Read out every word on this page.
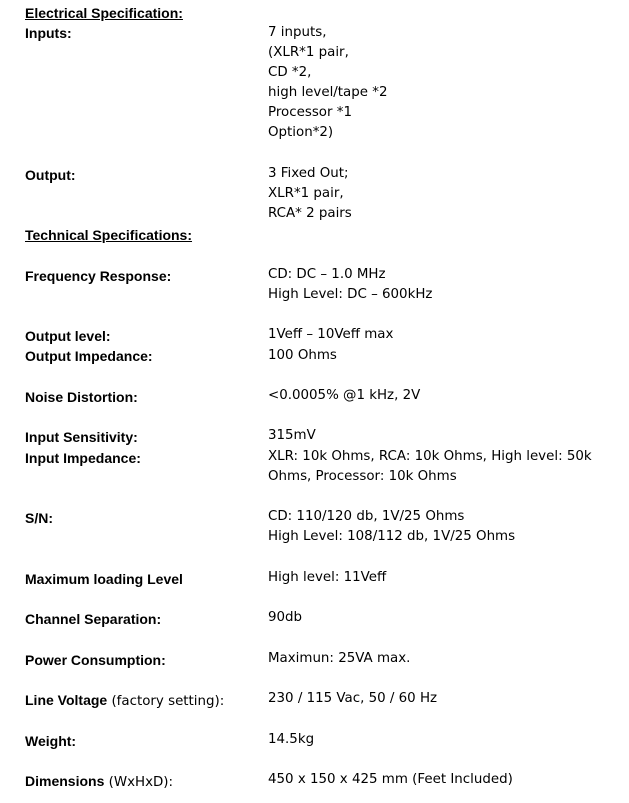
Electrical Specification:
Inputs:	7 inputs,
(XLR*1 pair,
CD *2,
high level/tape *2
Processor *1
Option*2)
Output:	3 Fixed Out;
XLR*1 pair,
RCA* 2 pairs
Technical Specifications:
Frequency Response:	CD: DC – 1.0 MHz
High Level: DC – 600kHz
Output level:	1Veff – 10Veff max
Output Impedance:	100 Ohms
Noise Distortion:	<0.0005% @1 kHz, 2V
Input Sensitivity:	315mV
Input Impedance:	XLR: 10k Ohms, RCA: 10k Ohms, High level: 50k
Ohms, Processor: 10k Ohms
S/N:	CD: 110/120 db, 1V/25 Ohms
High Level: 108/112 db, 1V/25 Ohms
Maximum loading Level	High level: 11Veff
Channel Separation:	90db
Power Consumption:	Maximun: 25VA max.
Line Voltage (factory setting):	230 / 115 Vac, 50 / 60 Hz
Weight:	14.5kg
Dimensions (WxHxD):	450 x 150 x 425 mm (Feet Included)
